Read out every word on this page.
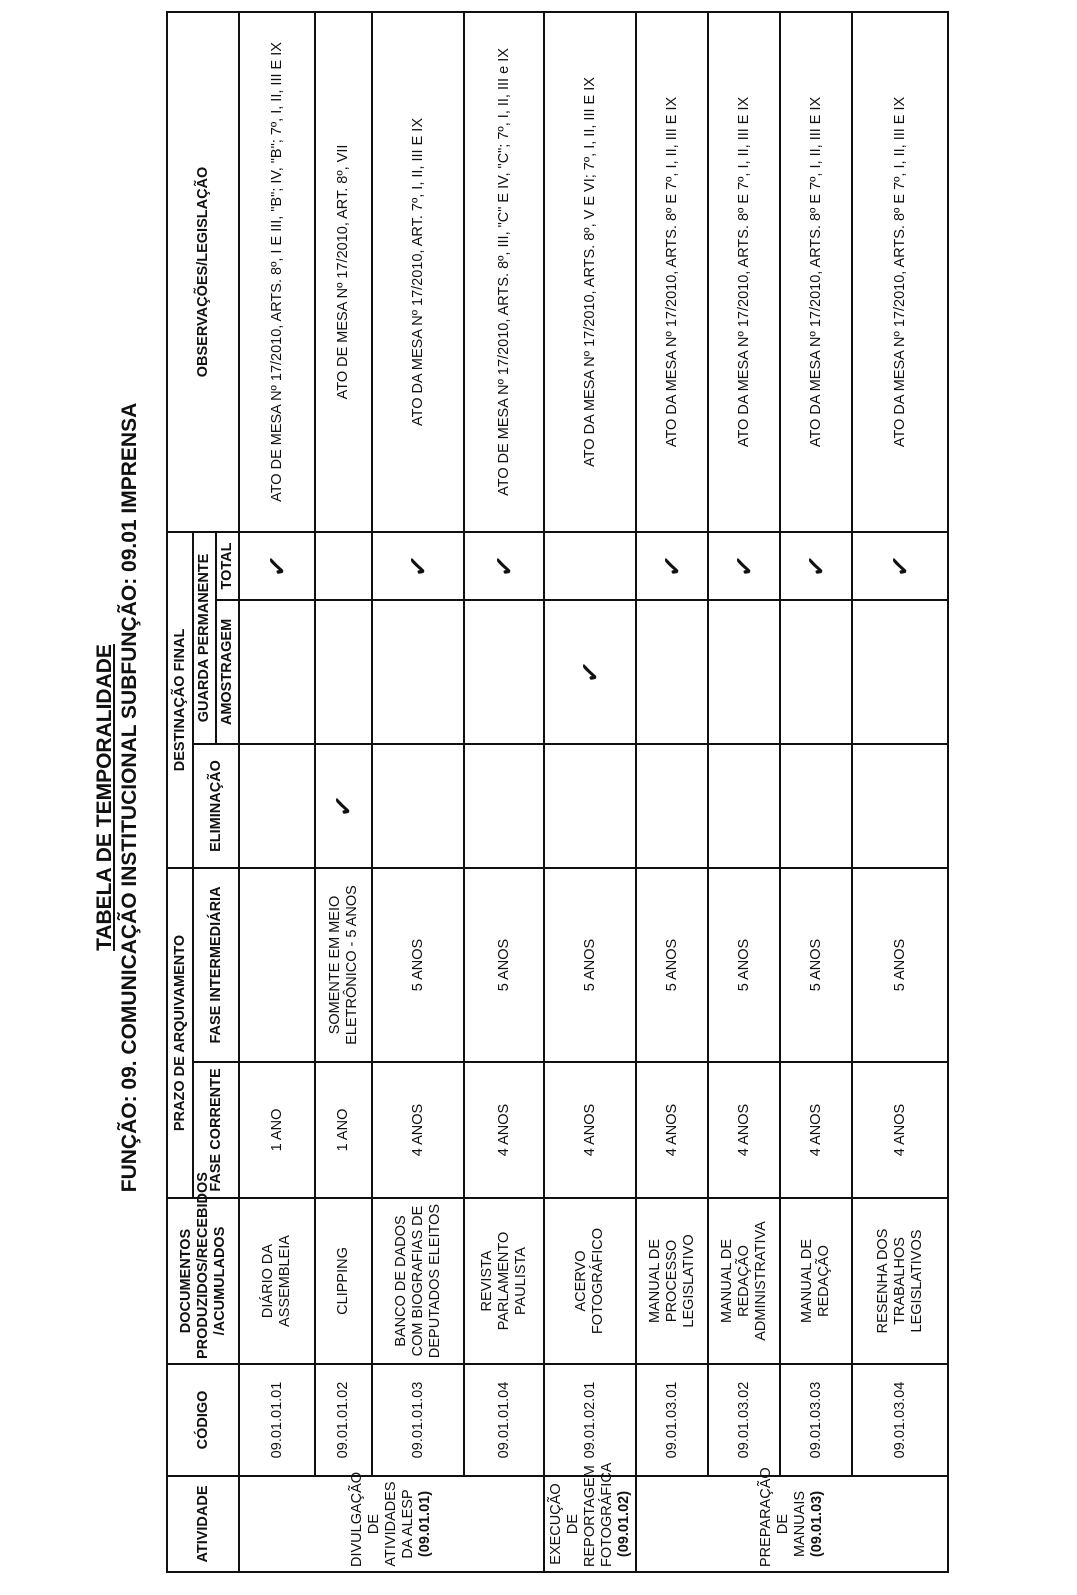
TABELA DE TEMPORALIDADE FUNÇÃO: 09. COMUNICAÇÃO INSTITUCIONAL SUBFUNÇÃO: 09.01 IMPRENSA
ATIVIDADE	CÓDIGO	DOCUMENTOS PRODUZIDOS/RECEBIDOS /ACUMULADOS	PRAZO DE ARQUIVAMENTO		DESTINAÇÃO FINAL			OBSERVAÇÕES/LEGISLAÇÃO
			FASE CORRENTE	FASE INTERMEDIÁRIA	ELIMINAÇÃO	GUARDA PERMANENTE		
						AMOSTRAGEM	TOTAL	

DIVULGAÇÃO DE ATIVIDADES DA ALESP (09.01.01)	09.01.01.01	DIÁRIO DA ASSEMBLEIA	1 ANO				✓	ATO DE MESA Nº 17/2010, ARTS. 8º, I E III, "B"; IV, "B"; 7º, I, II, III E IX
	09.01.01.02	CLIPPING	1 ANO	SOMENTE EM MEIO ELETRÔNICO - 5 ANOS	✓			ATO DE MESA Nº 17/2010, ART. 8º, VII
	09.01.01.03	BANCO DE DADOS COM BIOGRAFIAS DE DEPUTADOS ELEITOS	4 ANOS	5 ANOS			✓	ATO DA MESA Nº 17/2010, ART. 7º, I, II, III E IX
	09.01.01.04	REVISTA PARLAMENTO PAULISTA	4 ANOS	5 ANOS			✓	ATO DE MESA Nº 17/2010, ARTS. 8º, III, "C" E IV, "C"; 7º, I, II, III e IX

EXECUÇÃO DE REPORTAGEM FOTOGRÁFICA (09.01.02)	09.01.02.01	ACERVO FOTOGRÁFICO	4 ANOS	5 ANOS		✓		ATO DA MESA Nº 17/2010, ARTS. 8º, V E VI; 7º, I, II, III E IX

PREPARAÇÃO DE MANUAIS (09.01.03)	09.01.03.01	MANUAL DE PROCESSO LEGISLATIVO	4 ANOS	5 ANOS			✓	ATO DA MESA Nº 17/2010, ARTS. 8º E 7º, I, II, III E IX
	09.01.03.02	MANUAL DE REDAÇÃO ADMINISTRATIVA	4 ANOS	5 ANOS			✓	ATO DA MESA Nº 17/2010, ARTS. 8º E 7º, I, II, III E IX
	09.01.03.03	MANUAL DE REDAÇÃO	4 ANOS	5 ANOS			✓	ATO DA MESA Nº 17/2010, ARTS. 8º E 7º, I, II, III E IX
	09.01.03.04	RESENHA DOS TRABALHOS LEGISLATIVOS	4 ANOS	5 ANOS			✓	ATO DA MESA Nº 17/2010, ARTS. 8º E 7º, I, II, III E IX
